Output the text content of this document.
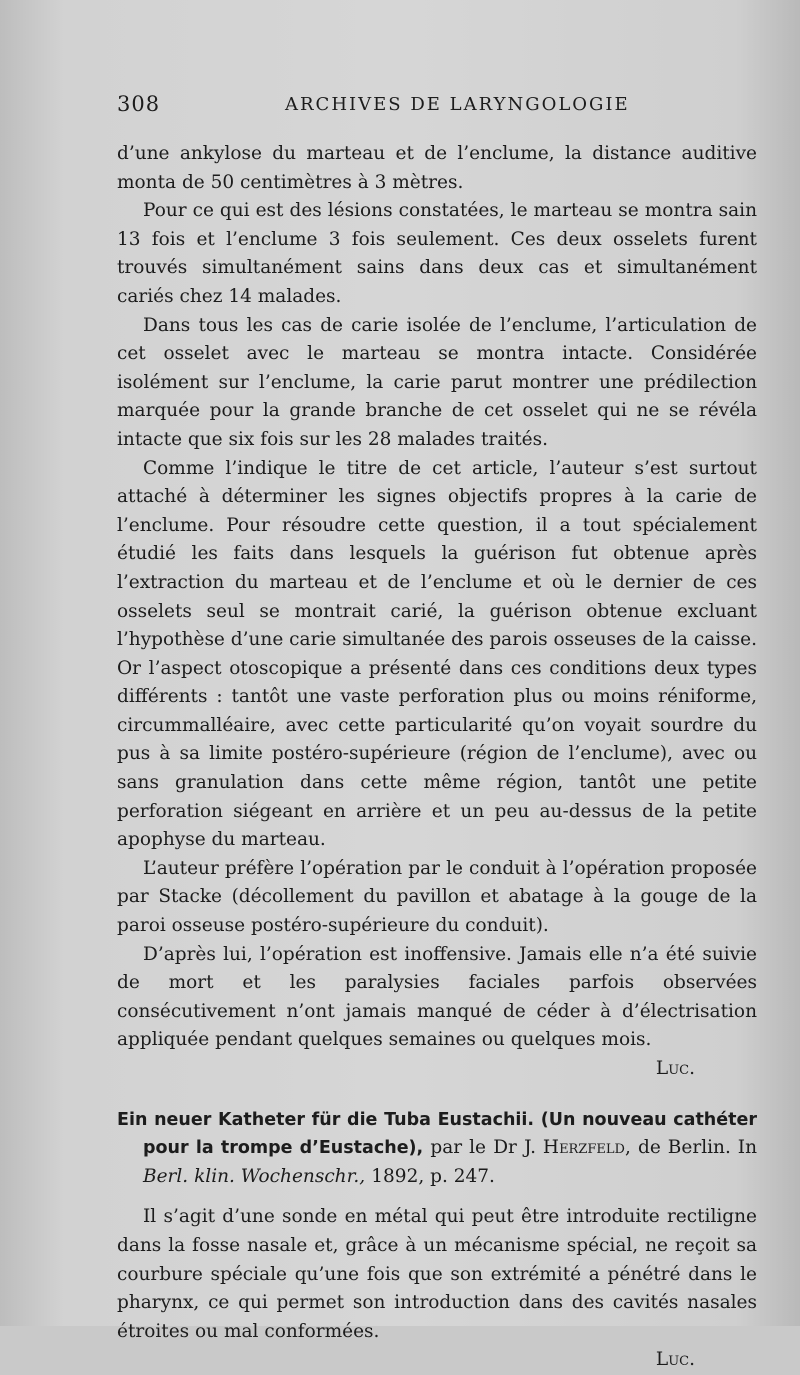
308	ARCHIVES DE LARYNGOLOGIE

d’une ankylose du marteau et de l’enclume, la distance auditive monta de 50 centimètres à 3 mètres.

Pour ce qui est des lésions constatées, le marteau se montra sain 13 fois et l’enclume 3 fois seulement. Ces deux osselets furent trouvés simultanément sains dans deux cas et simultanément cariés chez 14 malades.

Dans tous les cas de carie isolée de l’enclume, l’articulation de cet osselet avec le marteau se montra intacte. Considérée isolément sur l’enclume, la carie parut montrer une prédilection marquée pour la grande branche de cet osselet qui ne se révéla intacte que six fois sur les 28 malades traités.

Comme l’indique le titre de cet article, l’auteur s’est surtout attaché à déterminer les signes objectifs propres à la carie de l’enclume. Pour résoudre cette question, il a tout spécialement étudié les faits dans lesquels la guérison fut obtenue après l’extraction du marteau et de l’enclume et où le dernier de ces osselets seul se montrait carié, la guérison obtenue excluant l’hypothèse d’une carie simultanée des parois osseuses de la caisse. Or l’aspect otoscopique a présenté dans ces conditions deux types différents : tantôt une vaste perforation plus ou moins réniforme, circummalléaire, avec cette particularité qu’on voyait sourdre du pus à sa limite postéro-supérieure (région de l’enclume), avec ou sans granulation dans cette même région, tantôt une petite perforation siégeant en arrière et un peu au-dessus de la petite apophyse du marteau.

L’auteur préfère l’opération par le conduit à l’opération proposée par Stacke (décollement du pavillon et abatage à la gouge de la paroi osseuse postéro-supérieure du conduit).

D’après lui, l’opération est inoffensive. Jamais elle n’a été suivie de mort et les paralysies faciales parfois observées consécutivement n’ont jamais manqué de céder à d’électrisation appliquée pendant quelques semaines ou quelques mois.
Luc.

Ein neuer Katheter für die Tuba Eustachii. (Un nouveau cathéter pour la trompe d’Eustache), par le Dr J. Herzfeld, de Berlin. In Berl. klin. Wochenschr., 1892, p. 247.

Il s’agit d’une sonde en métal qui peut être introduite rectiligne dans la fosse nasale et, grâce à un mécanisme spécial, ne reçoit sa courbure spéciale qu’une fois que son extrémité a pénétré dans le pharynx, ce qui permet son introduction dans des cavités nasales étroites ou mal conformées.
Luc.
